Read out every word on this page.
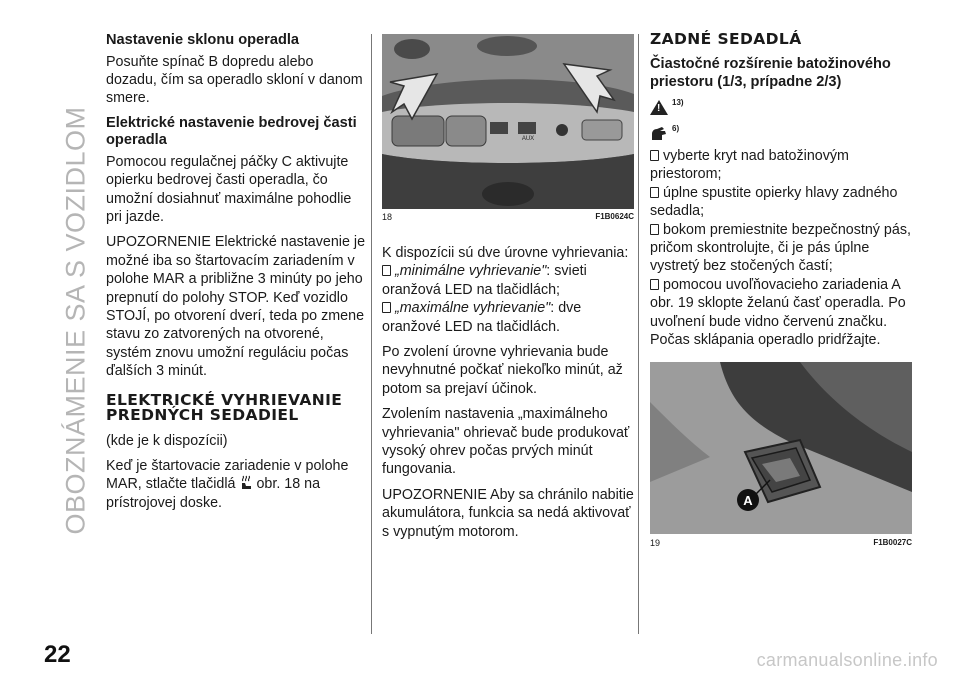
OBOZNÁMENIE SA S VOZIDLOM
22
Nastavenie sklonu operadla

Posuňte spínač B dopredu alebo dozadu, čím sa operadlo skloní v danom smere.

Elektrické nastavenie bedrovej časti operadla

Pomocou regulačnej páčky C aktivujte opierku bedrovej časti operadla, čo umožní dosiahnuť maximálne pohodlie pri jazde.

UPOZORNENIE Elektrické nastavenie je možné iba so štartovacím zariadením v polohe MAR a približne 3 minúty po jeho prepnutí do polohy STOP. Keď vozidlo STOJÍ, po otvorení dverí, teda po zmene stavu zo zatvorených na otvorené, systém znovu umožní reguláciu počas ďalších 3 minút.

ELEKTRICKÉ VYHRIEVANIE PREDNÝCH SEDADIEL

(kde je k dispozícii)

Keď je štartovacie zariadenie v polohe MAR, stlačte tlačidlá obr. 18 na prístrojovej doske.

AUX
18	F1B0624C

K dispozícii sú dve úrovne vyhrievania:

„minimálne vyhrievanie": svieti oranžová LED na tlačidlách;

„maximálne vyhrievanie": dve oranžové LED na tlačidlách.

Po zvolení úrovne vyhrievania bude nevyhnutné počkať niekoľko minút, až potom sa prejaví účinok.

Zvolením nastavenia „maximálneho vyhrievania" ohrievač bude produkovať vysoký ohrev počas prvých minút fungovania.

UPOZORNENIE Aby sa chránilo nabitie akumulátora, funkcia sa nedá aktivovať s vypnutým motorom.

ZADNÉ SEDADLÁ
Čiastočné rozšírenie batožinového priestoru (1/3, prípadne 2/3)
!
13)
6)

vyberte kryt nad batožinovým priestorom;

úplne spustite opierky hlavy zadného sedadla;

bokom premiestnite bezpečnostný pás, pričom skontrolujte, či je pás úplne vystretý bez stočených častí;

pomocou uvoľňovacieho zariadenia A obr. 19 sklopte želanú časť operadla. Po uvoľnení bude vidno červenú značku. Počas sklápania operadlo pridŕžajte.

A
19	F1B0027C
carmanualsonline.info
